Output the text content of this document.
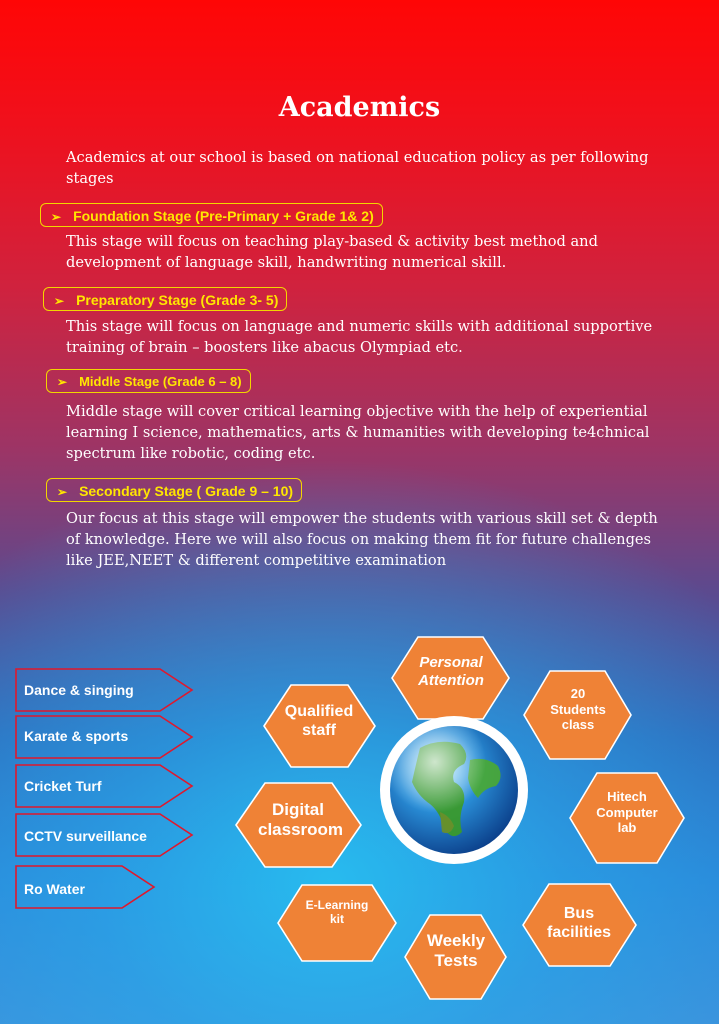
Academics
Academics at our school is based on national education policy as per following stages
➢ Foundation Stage (Pre-Primary + Grade 1& 2)
This stage will focus on teaching play-based & activity best method and development of language skill, handwriting numerical skill.
➢ Preparatory Stage (Grade 3- 5)
This stage will focus on language and numeric skills with additional supportive training of brain – boosters like abacus Olympiad etc.
➢ Middle Stage (Grade 6 – 8)
Middle stage will cover critical learning objective with the help of experiential learning I science, mathematics, arts & humanities with developing te4chnical spectrum like robotic, coding etc.
➢ Secondary Stage ( Grade 9 – 10)
Our focus at this stage will empower the students with various skill set & depth of knowledge. Here we will also focus on making them fit for future challenges like JEE,NEET & different competitive examination
Dance & singing
Karate & sports
Cricket Turf
CCTV surveillance
Ro Water
Personal Attention
20 Students class
Qualified staff
Hitech Computer lab
Digital classroom
E-Learning kit	Bus facilities
Weekly Tests
